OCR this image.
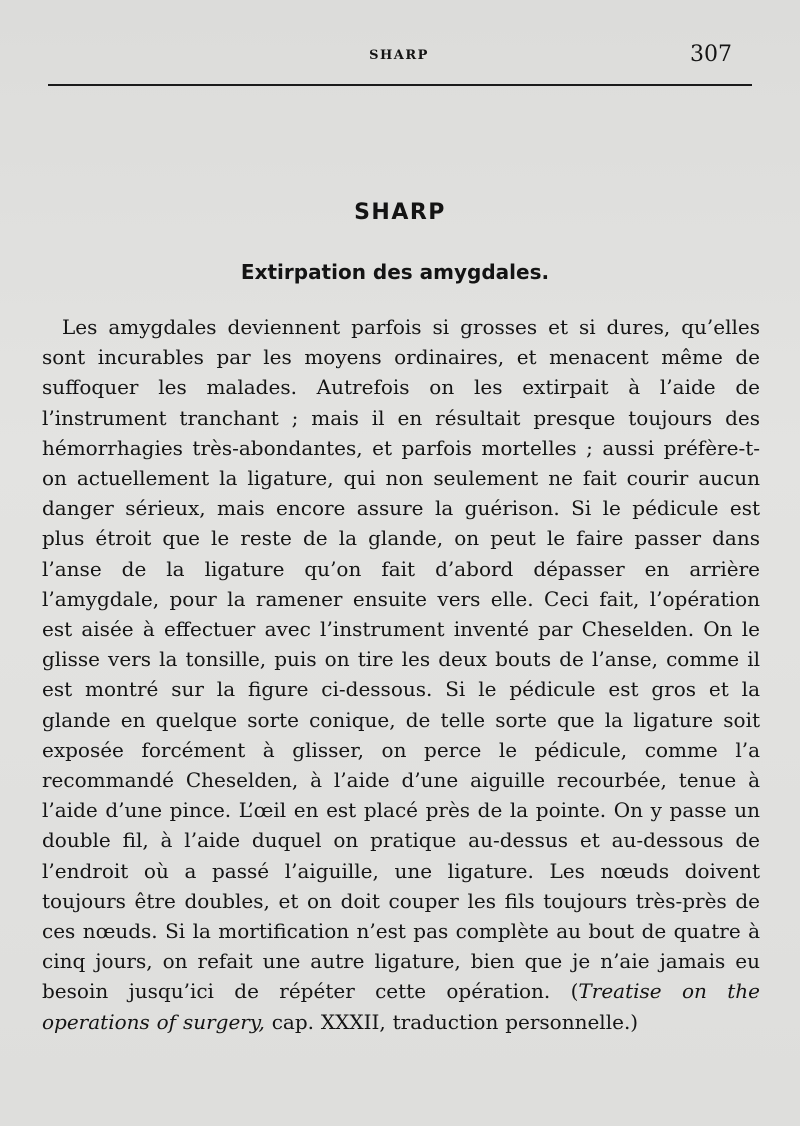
SHARP	307
SHARP
Extirpation des amygdales.

Les amygdales deviennent parfois si grosses et si dures, qu’elles sont incurables par les moyens ordinaires, et menacent même de suffoquer les malades. Autrefois on les extirpait à l’aide de l’instrument tranchant ; mais il en résultait presque toujours des hémorrhagies très-abondantes, et parfois mortelles ; aussi préfère-t-on actuellement la ligature, qui non seulement ne fait courir aucun danger sérieux, mais encore assure la guérison. Si le pédicule est plus étroit que le reste de la glande, on peut le faire passer dans l’anse de la ligature qu’on fait d’abord dépasser en arrière l’amygdale, pour la ramener ensuite vers elle. Ceci fait, l’opération est aisée à effectuer avec l’instrument inventé par Cheselden. On le glisse vers la tonsille, puis on tire les deux bouts de l’anse, comme il est montré sur la figure ci-dessous. Si le pédicule est gros et la glande en quelque sorte conique, de telle sorte que la ligature soit exposée forcément à glisser, on perce le pédicule, comme l’a recommandé Cheselden, à l’aide d’une aiguille recourbée, tenue à l’aide d’une pince. L’œil en est placé près de la pointe. On y passe un double fil, à l’aide duquel on pratique au-dessus et au-dessous de l’endroit où a passé l’aiguille, une ligature. Les nœuds doivent toujours être doubles, et on doit couper les fils toujours très-près de ces nœuds. Si la mortification n’est pas complète au bout de quatre à cinq jours, on refait une autre ligature, bien que je n’aie jamais eu besoin jusqu’ici de répéter cette opération. (Treatise on the operations of surgery, cap. XXXII, traduction personnelle.)
